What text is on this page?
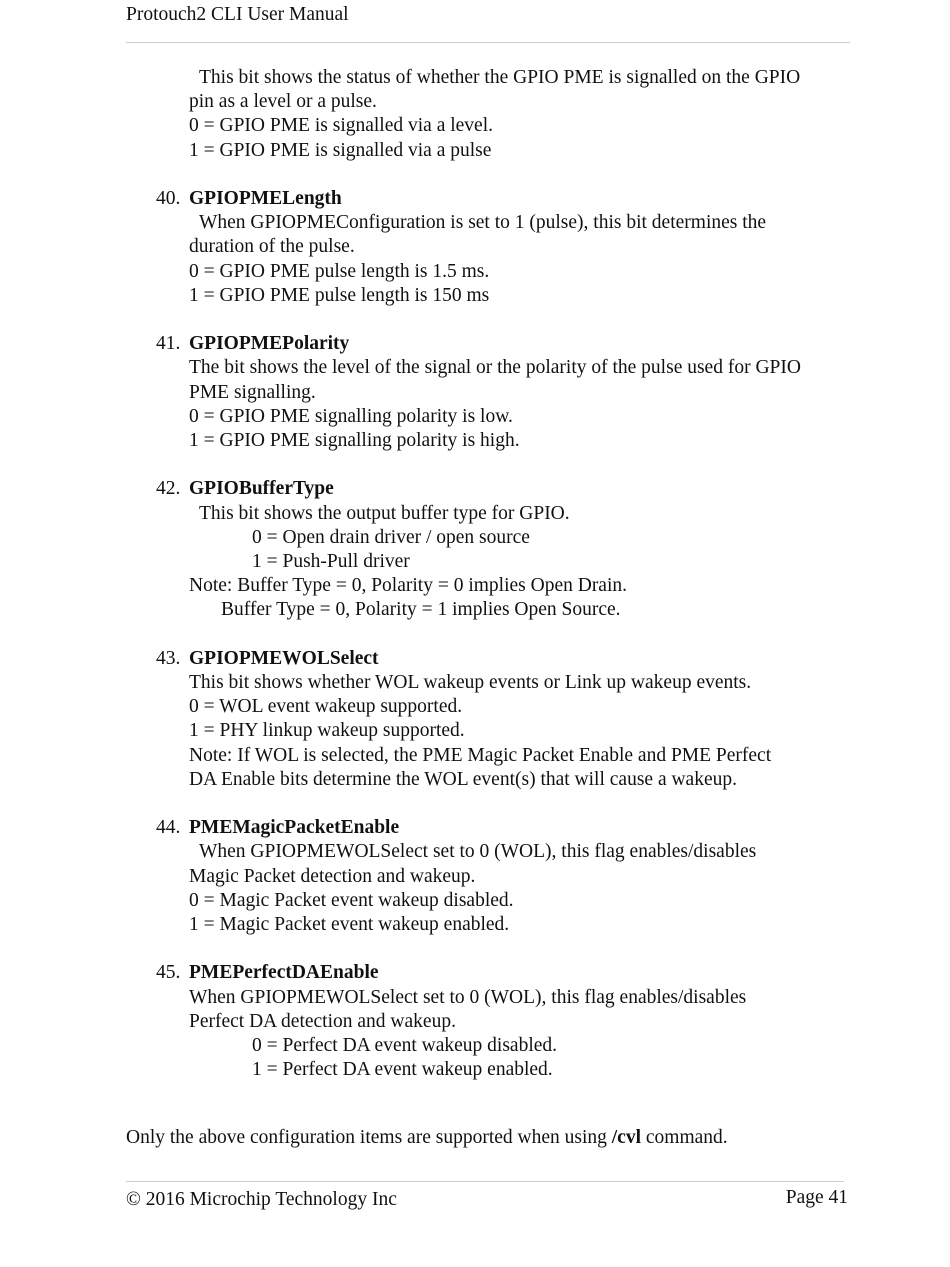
Protouch2 CLI User Manual
This bit shows the status of whether the GPIO PME is signalled on the GPIO
pin as a level or a pulse.
0 = GPIO PME is signalled via a level.
1 = GPIO PME is signalled via a pulse
40. GPIOPMELength
When GPIOPMEConfiguration is set to 1 (pulse), this bit determines the
duration of the pulse.
0 = GPIO PME pulse length is 1.5 ms.
1 = GPIO PME pulse length is 150 ms
41. GPIOPMEPolarity
The bit shows the level of the signal or the polarity of the pulse used for GPIO
PME signalling.
0 = GPIO PME signalling polarity is low.
1 = GPIO PME signalling polarity is high.
42. GPIOBufferType
This bit shows the output buffer type for GPIO.
0 = Open drain driver / open source
1 = Push-Pull driver
Note: Buffer Type = 0, Polarity = 0 implies Open Drain.
Buffer Type = 0, Polarity = 1 implies Open Source.
43. GPIOPMEWOLSelect
This bit shows whether WOL wakeup events or Link up wakeup events.
0 = WOL event wakeup supported.
1 = PHY linkup wakeup supported.
Note: If WOL is selected, the PME Magic Packet Enable and PME Perfect
DA Enable bits determine the WOL event(s) that will cause a wakeup.
44. PMEMagicPacketEnable
When GPIOPMEWOLSelect set to 0 (WOL), this flag enables/disables
Magic Packet detection and wakeup.
0 = Magic Packet event wakeup disabled.
1 = Magic Packet event wakeup enabled.
45. PMEPerfectDAEnable
When GPIOPMEWOLSelect set to 0 (WOL), this flag enables/disables
Perfect DA detection and wakeup.
0 = Perfect DA event wakeup disabled.
1 = Perfect DA event wakeup enabled.
Only the above configuration items are supported when using /cvl command.
© 2016 Microchip Technology Inc	Page 41
